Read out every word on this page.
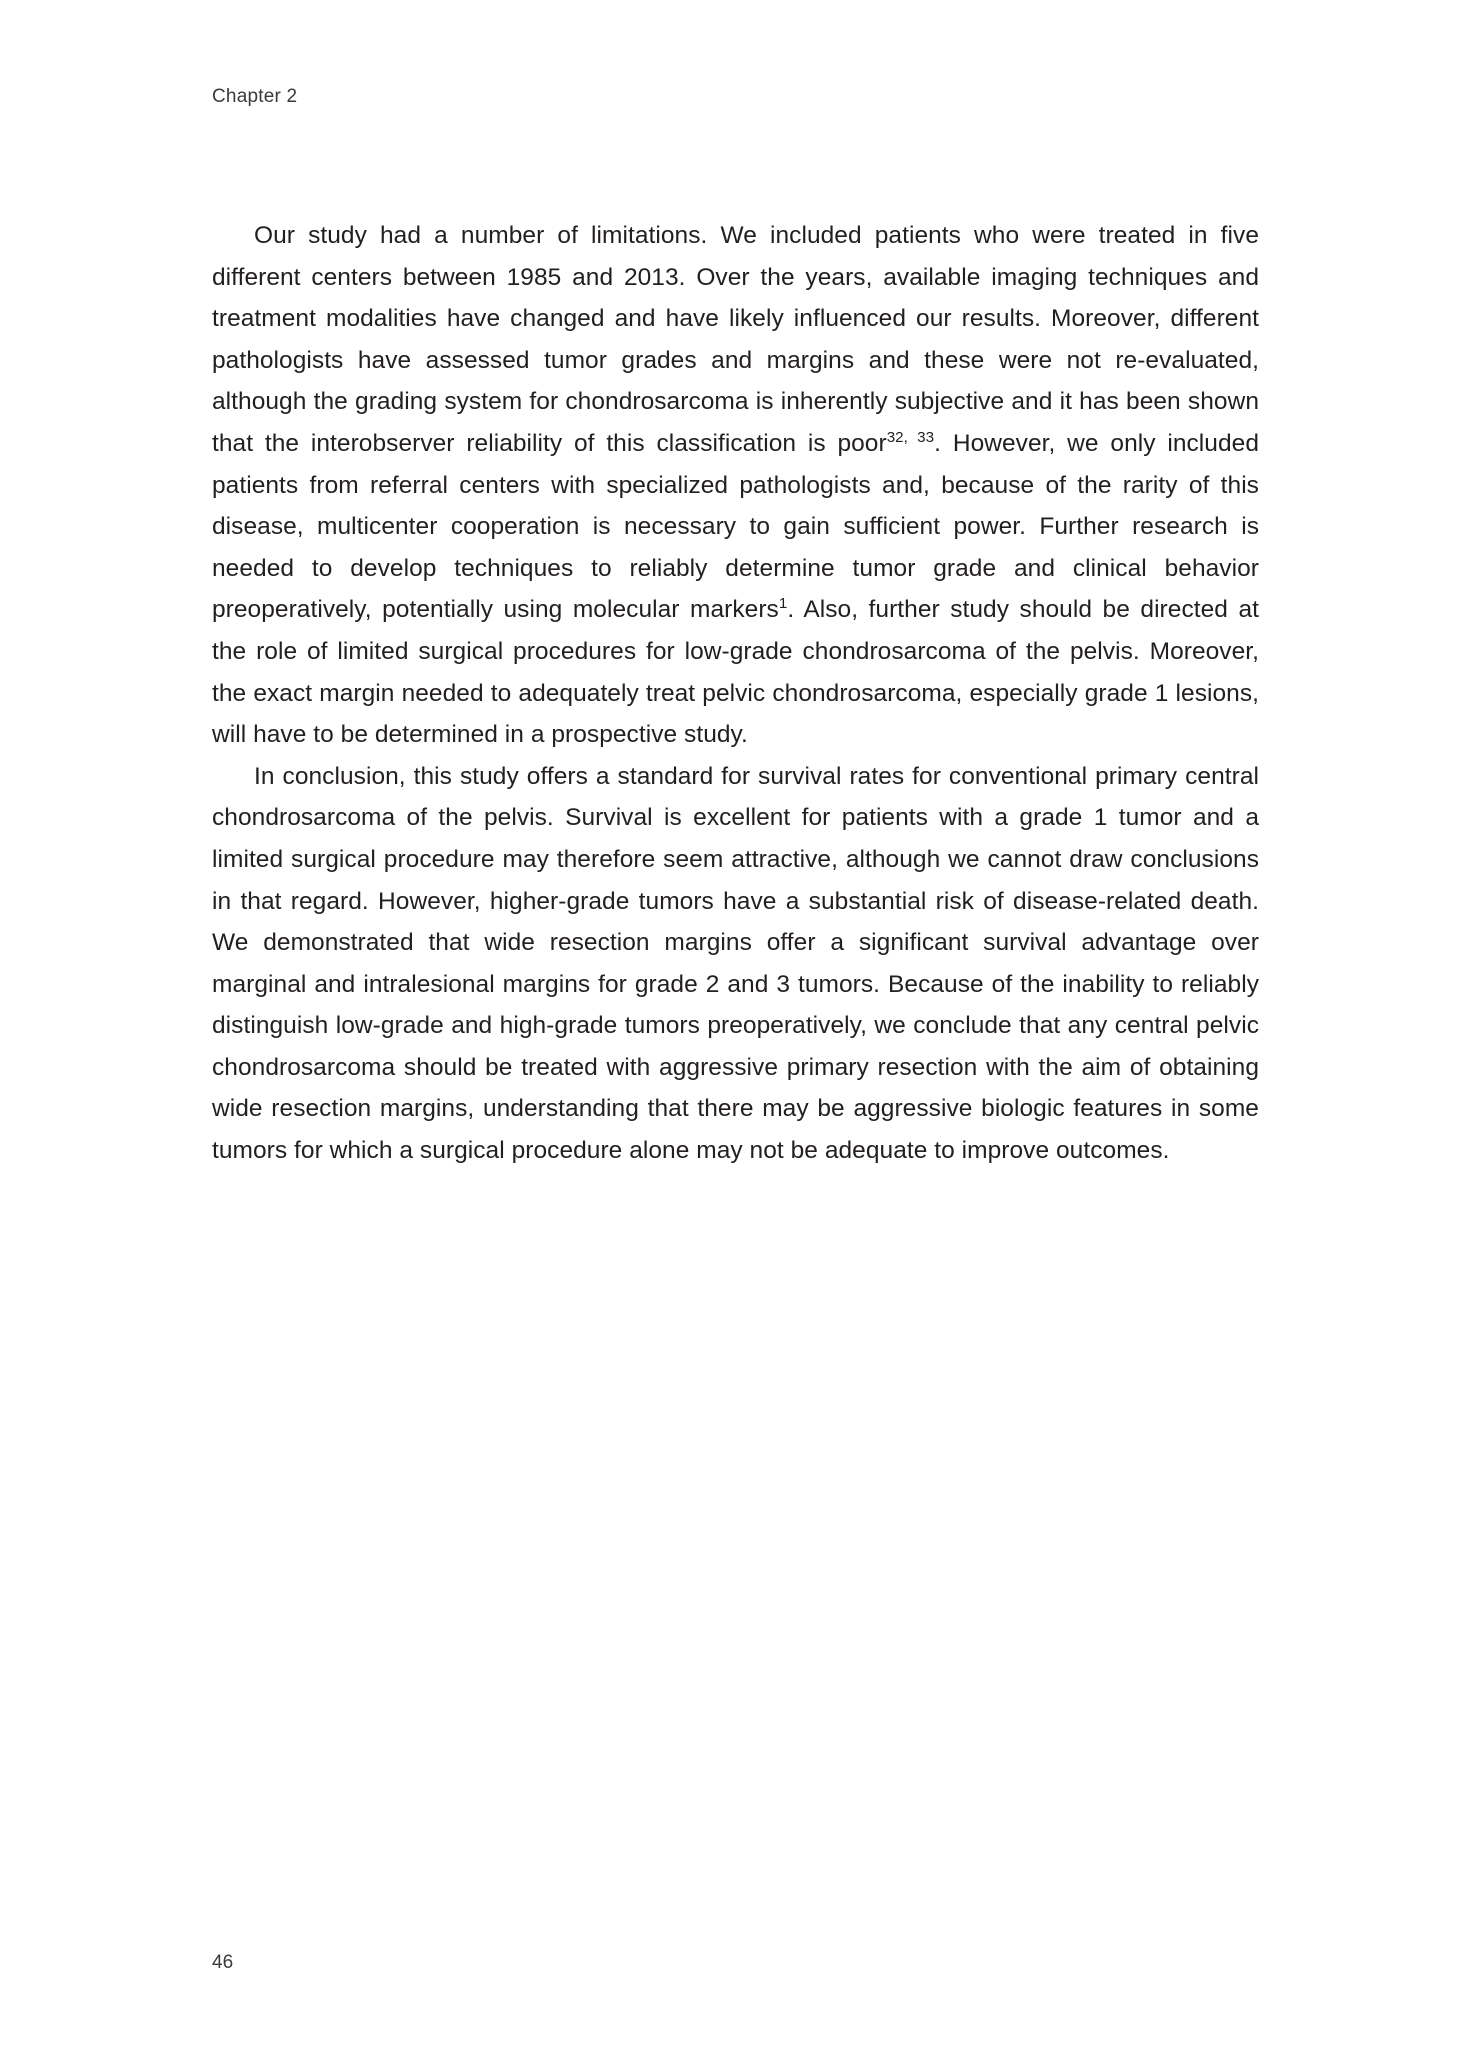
Chapter 2

Our study had a number of limitations. We included patients who were treated in five different centers between 1985 and 2013. Over the years, available imaging techniques and treatment modalities have changed and have likely influenced our results. Moreover, different pathologists have assessed tumor grades and margins and these were not re-evaluated, although the grading system for chondrosarcoma is inherently subjective and it has been shown that the interobserver reliability of this classification is poor$^{32, 33}$. However, we only included patients from referral centers with specialized pathologists and, because of the rarity of this disease, multicenter cooperation is necessary to gain sufficient power. Further research is needed to develop techniques to reliably determine tumor grade and clinical behavior preoperatively, potentially using molecular markers$^1$. Also, further study should be directed at the role of limited surgical procedures for low-grade chondrosarcoma of the pelvis. Moreover, the exact margin needed to adequately treat pelvic chondrosarcoma, especially grade 1 lesions, will have to be determined in a prospective study.

In conclusion, this study offers a standard for survival rates for conventional primary central chondrosarcoma of the pelvis. Survival is excellent for patients with a grade 1 tumor and a limited surgical procedure may therefore seem attractive, although we cannot draw conclusions in that regard. However, higher-grade tumors have a substantial risk of disease-related death. We demonstrated that wide resection margins offer a significant survival advantage over marginal and intralesional margins for grade 2 and 3 tumors. Because of the inability to reliably distinguish low-grade and high-grade tumors preoperatively, we conclude that any central pelvic chondrosarcoma should be treated with aggressive primary resection with the aim of obtaining wide resection margins, understanding that there may be aggressive biologic features in some tumors for which a surgical procedure alone may not be adequate to improve outcomes.

46
